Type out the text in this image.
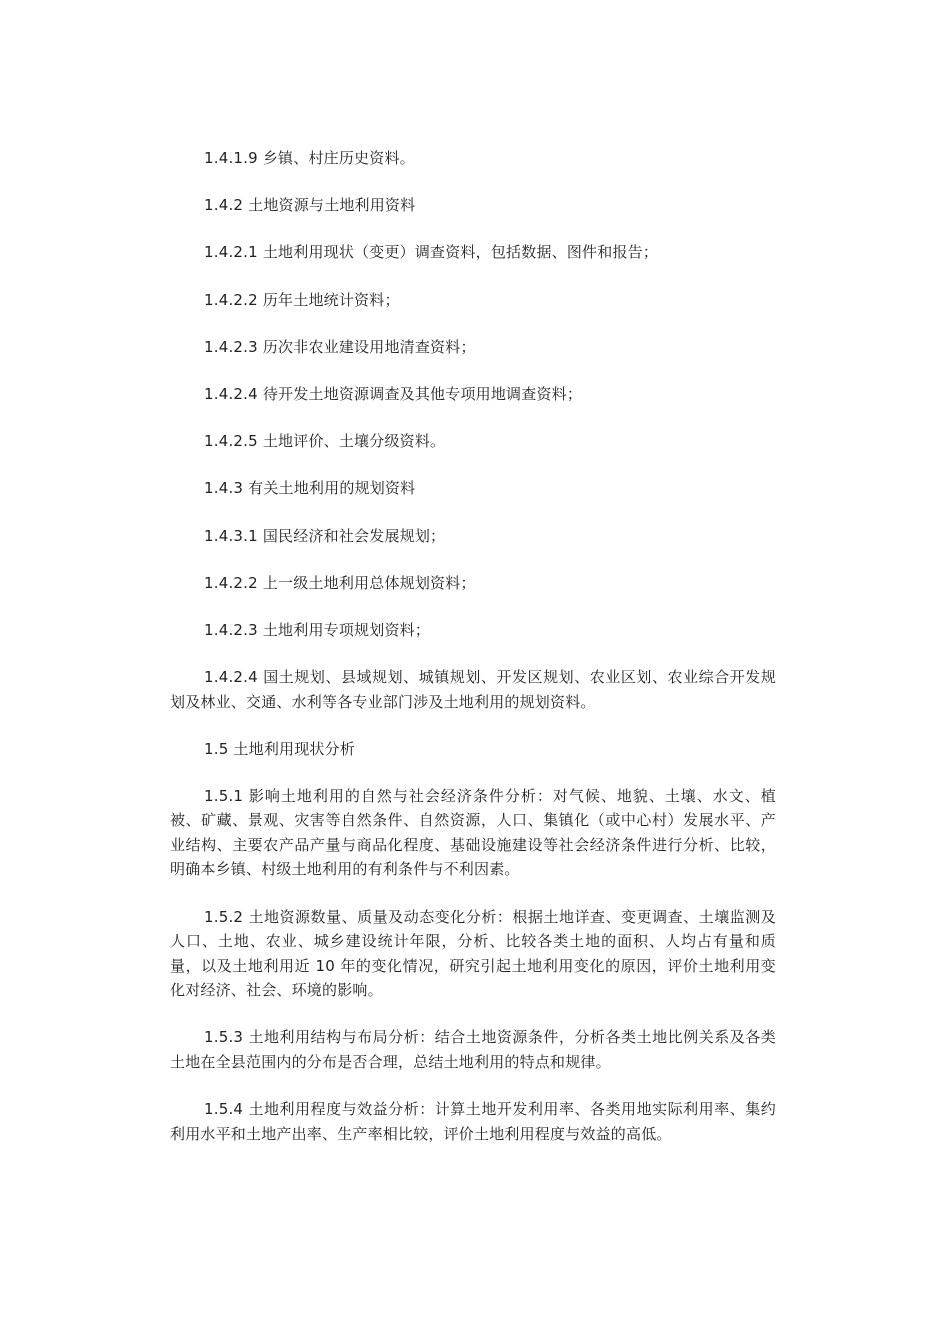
1.4.1.9 乡镇、村庄历史资料。

1.4.2 土地资源与土地利用资料

1.4.2.1 土地利用现状（变更）调查资料，包括数据、图件和报告；

1.4.2.2 历年土地统计资料；

1.4.2.3 历次非农业建设用地清查资料；

1.4.2.4 待开发土地资源调查及其他专项用地调查资料；

1.4.2.5 土地评价、土壤分级资料。

1.4.3 有关土地利用的规划资料

1.4.3.1 国民经济和社会发展规划；

1.4.2.2 上一级土地利用总体规划资料；

1.4.2.3 土地利用专项规划资料；

1.4.2.4 国土规划、县域规划、城镇规划、开发区规划、农业区划、农业综合开发规划及林业、交通、水利等各专业部门涉及土地利用的规划资料。

1.5 土地利用现状分析

1.5.1 影响土地利用的自然与社会经济条件分析：对气候、地貌、土壤、水文、植被、矿藏、景观、灾害等自然条件、自然资源，人口、集镇化（或中心村）发展水平、产业结构、主要农产品产量与商品化程度、基础设施建设等社会经济条件进行分析、比较，明确本乡镇、村级土地利用的有利条件与不利因素。

1.5.2 土地资源数量、质量及动态变化分析：根据土地详查、变更调查、土壤监测及人口、土地、农业、城乡建设统计年限，分析、比较各类土地的面积、人均占有量和质量，以及土地利用近 10 年的变化情况，研究引起土地利用变化的原因，评价土地利用变化对经济、社会、环境的影响。

1.5.3 土地利用结构与布局分析：结合土地资源条件，分析各类土地比例关系及各类土地在全县范围内的分布是否合理，总结土地利用的特点和规律。

1.5.4 土地利用程度与效益分析：计算土地开发利用率、各类用地实际利用率、集约利用水平和土地产出率、生产率相比较，评价土地利用程度与效益的高低。
